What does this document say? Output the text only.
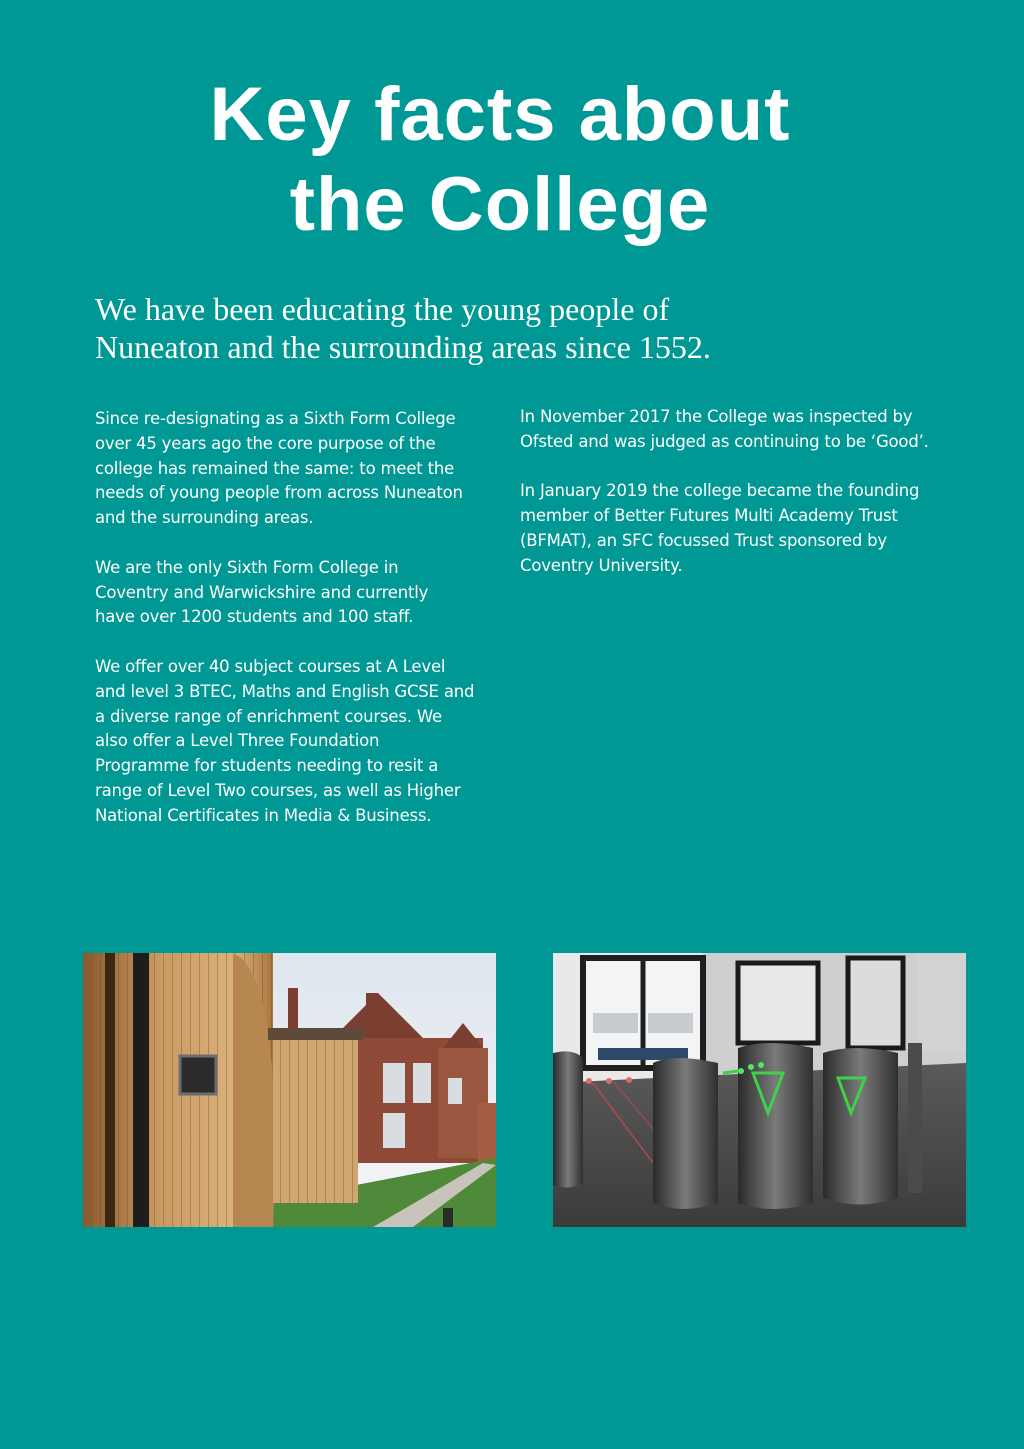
Key facts about
the College

We have been educating the young people of
Nuneaton and the surrounding areas since 1552.

Since re-designating as a Sixth Form College
over 45 years ago the core purpose of the
college has remained the same: to meet the
needs of young people from across Nuneaton
and the surrounding areas.

We are the only Sixth Form College in
Coventry and Warwickshire and currently
have over 1200 students and 100 staff.

We offer over 40 subject courses at A Level
and level 3 BTEC, Maths and English GCSE and
a diverse range of enrichment courses. We
also offer a Level Three Foundation
Programme for students needing to resit a
range of Level Two courses, as well as Higher
National Certificates in Media & Business.

In November 2017 the College was inspected by
Ofsted and was judged as continuing to be ‘Good’.

In January 2019 the college became the founding
member of Better Futures Multi Academy Trust
(BFMAT), an SFC focussed Trust sponsored by
Coventry University.
